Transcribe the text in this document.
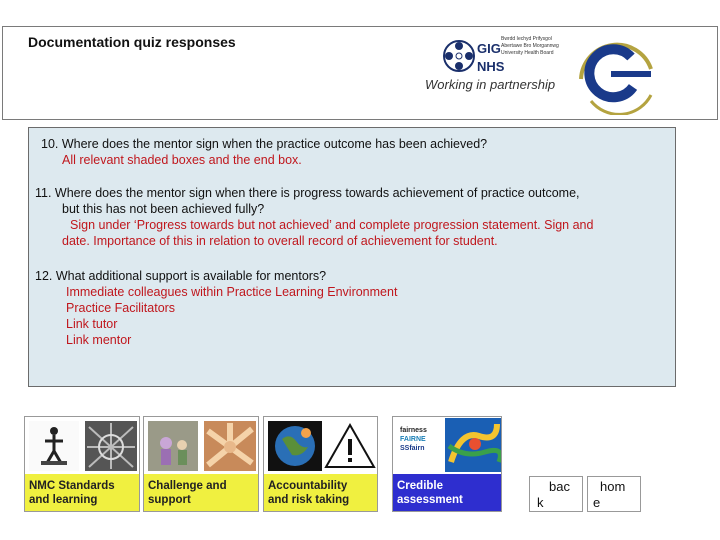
Documentation quiz responses	GIG
NHS
Bwrdd Iechyd Prifysgol
Abertawe Bro Morgannwg
University Health Board
Working in partnership
10. Where does the mentor sign when the practice outcome has been achieved?
All relevant shaded boxes and the end box.
11. Where does the mentor sign when there is progress towards achievement of practice outcome,
but this has not been achieved fully?
Sign under ‘Progress towards but not achieved’ and complete progression statement. Sign and
date. Importance of this in relation to overall record of achievement for student.
12. What additional support is available for mentors?
Immediate colleagues within Practice Learning Environment
Practice Facilitators
Link tutor
Link mentor
NMC Standards
and learning
Challenge and
support
Accountability
and risk taking
fairness
FAIRNE
SSfairn
Credible
assessment
bac
k
hom
e
